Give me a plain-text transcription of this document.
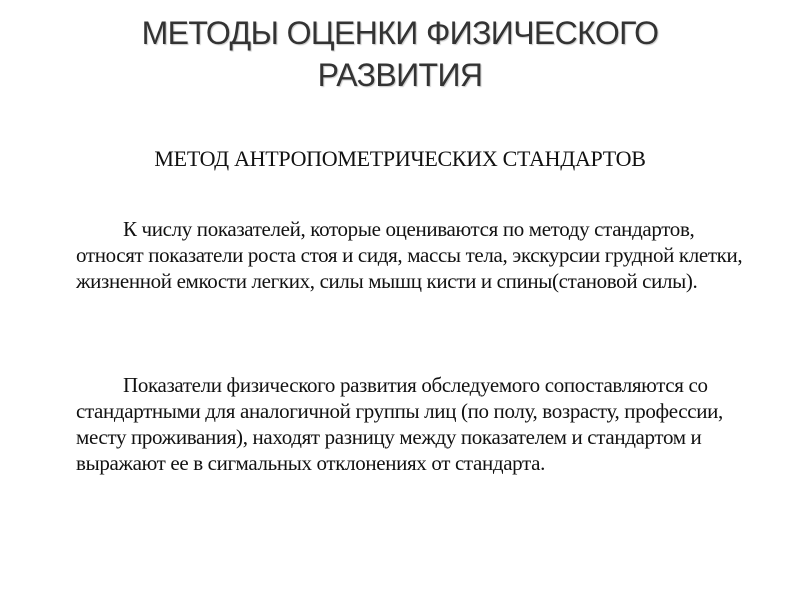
МЕТОДЫ ОЦЕНКИ ФИЗИЧЕСКОГО РАЗВИТИЯ
МЕТОД АНТРОПОМЕТРИЧЕСКИХ СТАНДАРТОВ

К числу показателей, которые оцениваются по методу стандартов, относят показатели роста стоя и сидя, массы тела, экскурсии грудной клетки, жизненной емкости легких, силы мышц кисти и спины(становой силы).

Показатели физического развития обследуемого сопоставляются со стандартными для аналогичной группы лиц (по полу, возрасту, профессии, месту проживания), находят разницу между показателем и стандартом и выражают ее в сигмальных отклонениях от стандарта.
